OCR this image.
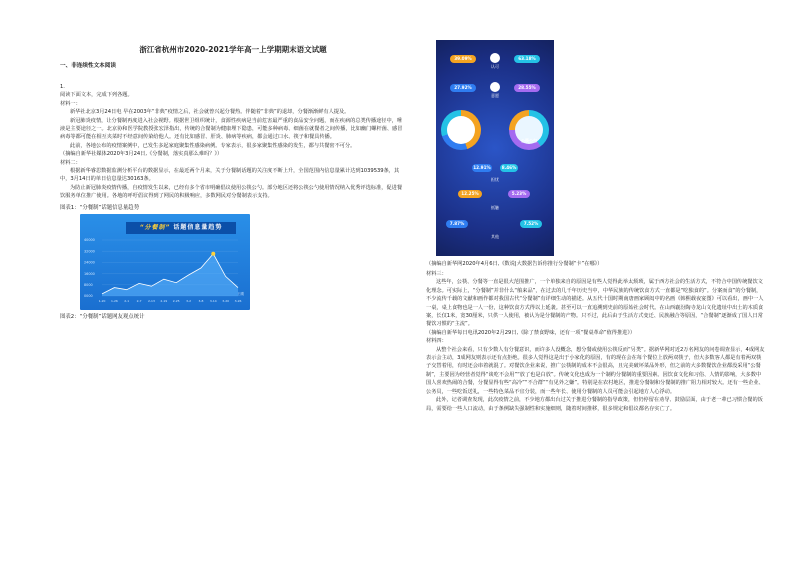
浙江省杭州市2020-2021学年高一上学期期末语文试题
一、非连续性文本阅读

1.

阅读下面文本，完成下列各题。

材料一：

新华社北京3月24日电 早在2003年“非典”疫情之后，社会就曾兴起分餐热。伴随着“非典”的退却，分餐渐渐鲜有人提及。

新冠肺炎疫情，让分餐制再度进入社会视野。根据世卫组织统计，食源性疾病是当前危害最严重的食品安全问题，而在疾病的总类传播途径中，唾液是主要途径之一。北京协和医学院教授张宏泽指出，传统的合餐制为健康埋下隐患，可能多种病毒、细菌在就餐者之间传播，比如幽门螺杆菌、感冒病毒等都可能在相互夹菜时不经意间传染给他人。还有比如感冒、肝炎、肺病等疾病，都会通过口水、筷子和餐具传播。

此前，各地公布的疫情案例中，已发生多起家庭聚集性感染病例。专家表示，很多家聚集性感染的发生，都与共餐密不可分。

（摘编自新华社媒体2020年3月24日,《分餐制，落实真那么难吗？》）

材料二：

根据新华睿思数据监测分析平台的数据显示，在最近两个月来，关于分餐制话题的关注度不断上升，全国范围内信息量累计达到1039539条，其中，3月14日的单日信息量达30163条。

为防止新冠肺炎疫情传播，自疫情发生以来，已经有多个省市明确倡议使用公筷公勺。部分地区还将公筷公勺使用情况纳入优秀评选标准，促进餐饮服务单位推广使用。各地的呼吁倡议得到了网民的积极响应，多数网民对分餐制表示支持。

图表1：“分餐制”话题信息量趋势
“分餐制” 话题信息量趋势
40000
32000
24000
16000
8000
0000
1-20 1-26 2-1 2-7 2-13 2-19 2-25 3-2 3-8 3-14 3-20 3-26
日期
图表2：“分餐制”话题网友观点统计
39.09%
认可
63.18%
27.92%
意愿
28.55%
分餐制	公筷公勺
12.91%
担忧
8.46%
12.25%
抵触
5.23%
7.87%
其他
7.52%
（摘编自新华网2020年4月6日,《数说|大数据告诉你推行分餐制“卡”在哪》）

材料三：

这些年，公筷、分餐等一直是很大范围推广，一个单独来自的原因是有些人觉得此举太烦琐，属于西方社会的生活方式，不符合中国传统餐饮文化理念。可实际上，“分餐制”并非什么“舶来品”，在过去的几千年历史当中，中华民族的传统饮食方式一直都是“吃独食的”。分案而食”的分餐制，不少流传千载的文献和画作都对我国古代“分餐制”有详细生动的描述。从五代十国时期南唐画家顾闳中的名画《韩熙载夜宴图》可以看出，画中一人一桌，桌上食物也是一人一份，这种饮食方式得以上延袭。甚至可以一直追溯到史前的原始社会时代。在山西襄汾陶寺龙山文化遗址中出土的木质食案，长仅1米，宽30厘米，只供一人使用，被认为是分餐制的产物。只不过，此后由于生活方式变迁、民族融合等原因，“合餐制”逐渐成了国人日常餐饮习惯的“主流”。

（摘编自新华每日电讯2020年2月29日,《除了禁食野味，还有一项“餐桌革命”值得推进》）

材料四：

从整个社会来看，只有少数人有分餐意识，而许多人没概念，想分餐或使用公筷反而“另类”。据新华网对近2万名网友的问卷调查显示，4成网友表示会主动，3成网友则表示还有点拒绝。很多人觉得这是出于小家化的原因，有的现在会在每个餐位上放两双筷子，但大多数客人都是有着两双筷子交替着用，有时还会串着就混了。对餐饮企业来说，推广公筷制的成本不会很高，且完美破坏菜品外形，但之前的大多数餐饮企业都没采用“公餐制”，主要因为经营者觉得“谈吃不会用”“放了也是白放”。传统文化也成为一个制约分餐制的重要因素。因饮食文化和习俗、人情的影响，大多数中国人喜欢热闹的合餐，分餐显得有些“高冷”“不合群”“有见外之嫌”。特别是在农村地区，推进分餐制和分餐制的推广阻力相对较大。还有一些企业、公务员，一些吃饭送礼，一些特色菜品不宜分装，而一些年长、使用分餐制的人员可能会引起地方人心浮动。

此外，记者调查发现，此次疫情之前，不少地方都出台过关于推进分餐制的指导政策，但仍停留在劝导、鼓励层面，由于老一辈已习惯合餐的饭局，需要给一些人口流动，由于条例缺失强制性和实施细则，随着时间推移，很多规定和倡议都名存实亡了。
